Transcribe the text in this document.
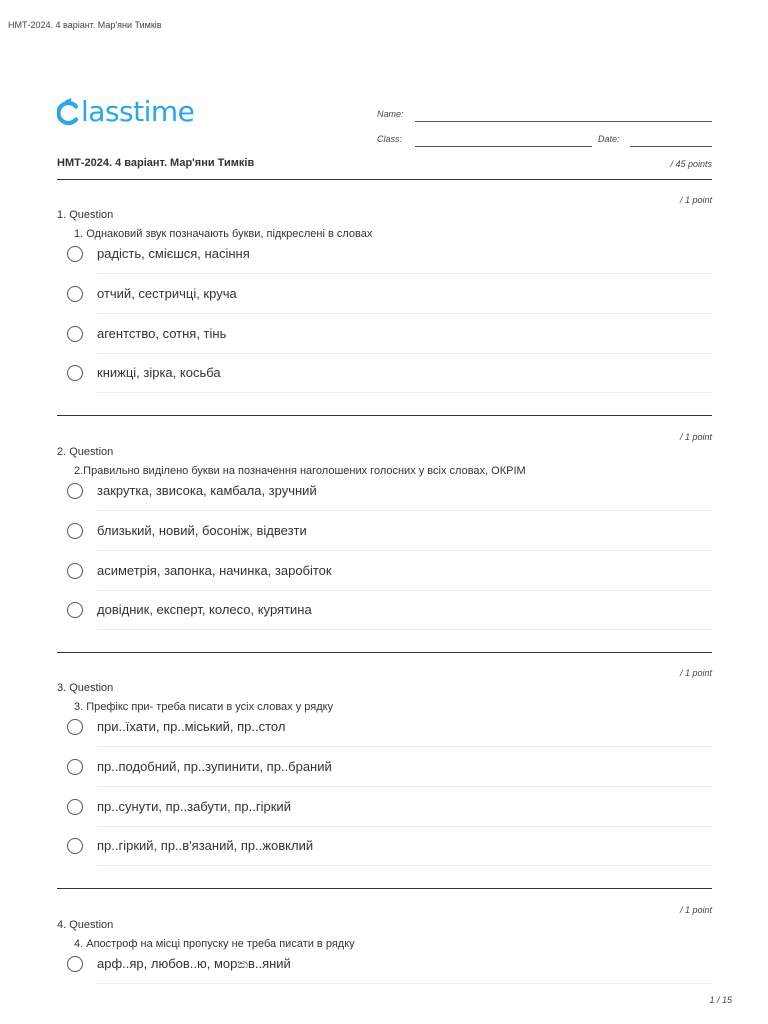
НМТ-2024. 4 варіант. Мар'яни Тимків
lasstime	Name:
Class:	Date:
НМТ-2024. 4 варіант. Мар'яни Тимків	/ 45 points
/ 1 point
1. Question
1. Однаковий звук позначають букви, підкреслені в словах
радість, смієшся, насіння
отчий, сестричці, круча
агентство, сотня, тінь
книжці, зірка, косьба
/ 1 point
2. Question
2.Правильно виділено букви на позначення наголошених голосних у всіх словах, ОКРІМ
закрутка, звисока, камбала, зручний
близький, новий, босоніж, відвезти
асиметрія, запонка, начинка, заробіток
довідник, експерт, колесо, курятина
/ 1 point
3. Question
3. Префікс при- треба писати в усіх словах у рядку
при..їхати, пр..міський, пр..стол
пр..подобний, пр..зупинити, пр..браний
пр..сунути, пр..забути, пр..гіркий
пр..гіркий, пр..в'язаний, пр..жовклий
/ 1 point
4. Question
4. Апостроф на місці пропуску не треба писати в рядку
арф..яр, любов..ю, морකв..яний
1 / 15
